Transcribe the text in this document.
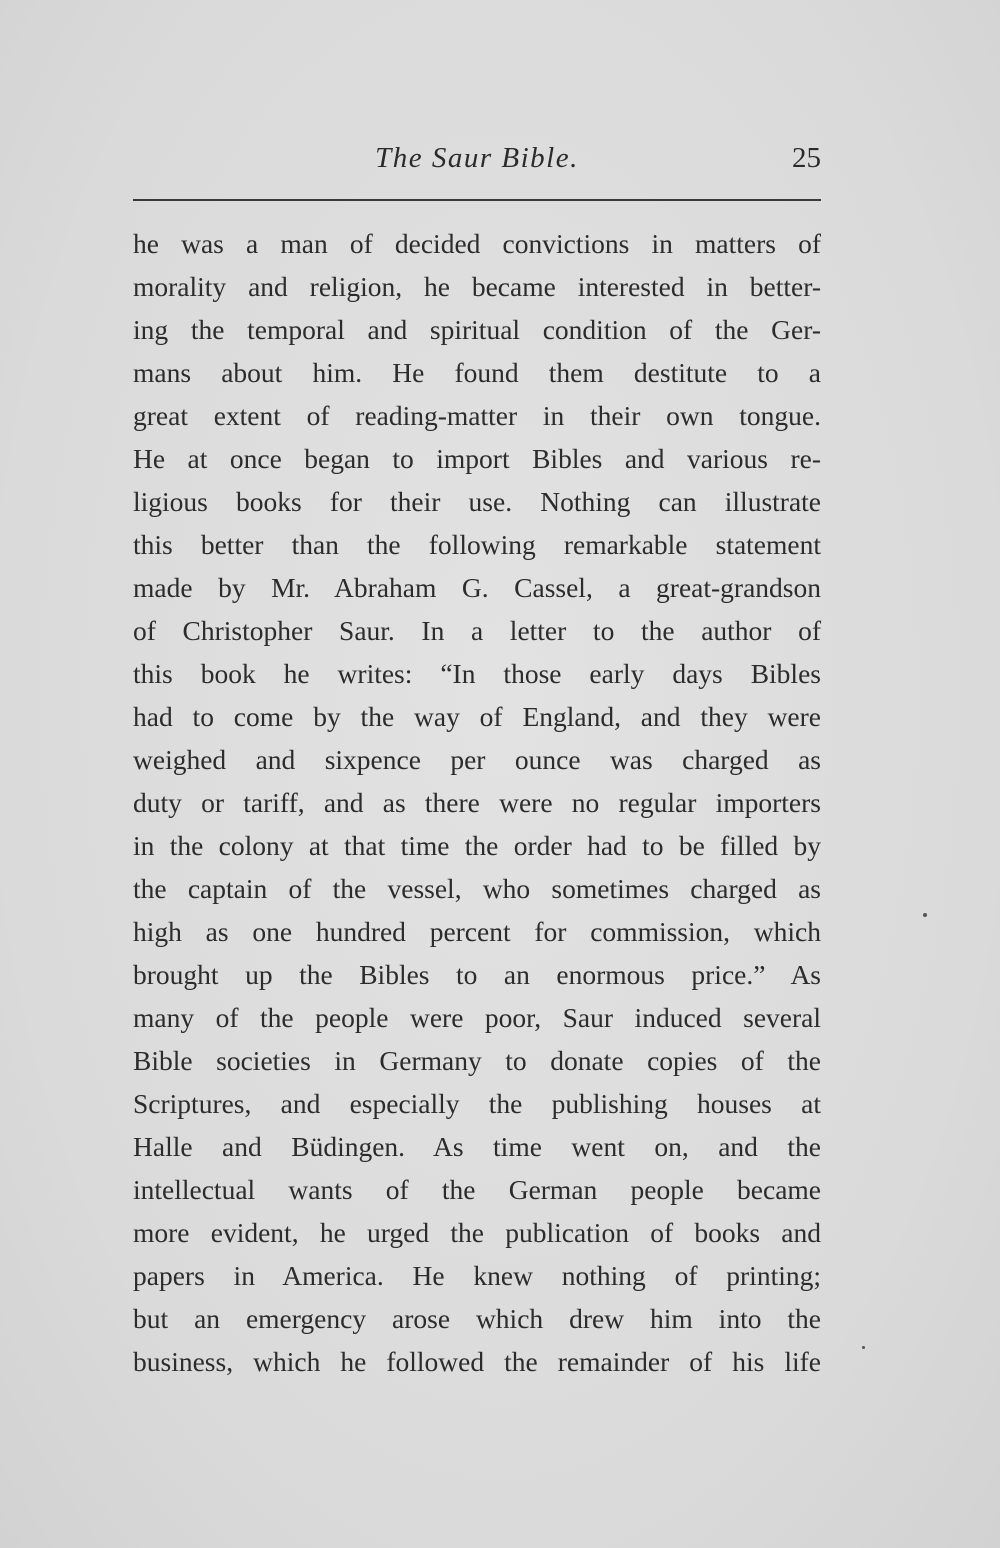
The Saur Bible.	25
he was a man of decided convictions in matters of
morality and religion, he became interested in better-
ing the temporal and spiritual condition of the Ger-
mans about him. He found them destitute to a
great extent of reading-matter in their own tongue.
He at once began to import Bibles and various re-
ligious books for their use. Nothing can illustrate
this better than the following remarkable statement
made by Mr. Abraham G. Cassel, a great-grandson
of Christopher Saur. In a letter to the author of
this book he writes: “In those early days Bibles
had to come by the way of England, and they were
weighed and sixpence per ounce was charged as
duty or tariff, and as there were no regular importers
in the colony at that time the order had to be filled by
the captain of the vessel, who sometimes charged as
high as one hundred percent for commission, which
brought up the Bibles to an enormous price.” As
many of the people were poor, Saur induced several
Bible societies in Germany to donate copies of the
Scriptures, and especially the publishing houses at
Halle and Büdingen. As time went on, and the
intellectual wants of the German people became
more evident, he urged the publication of books and
papers in America. He knew nothing of printing;
but an emergency arose which drew him into the
business, which he followed the remainder of his life
